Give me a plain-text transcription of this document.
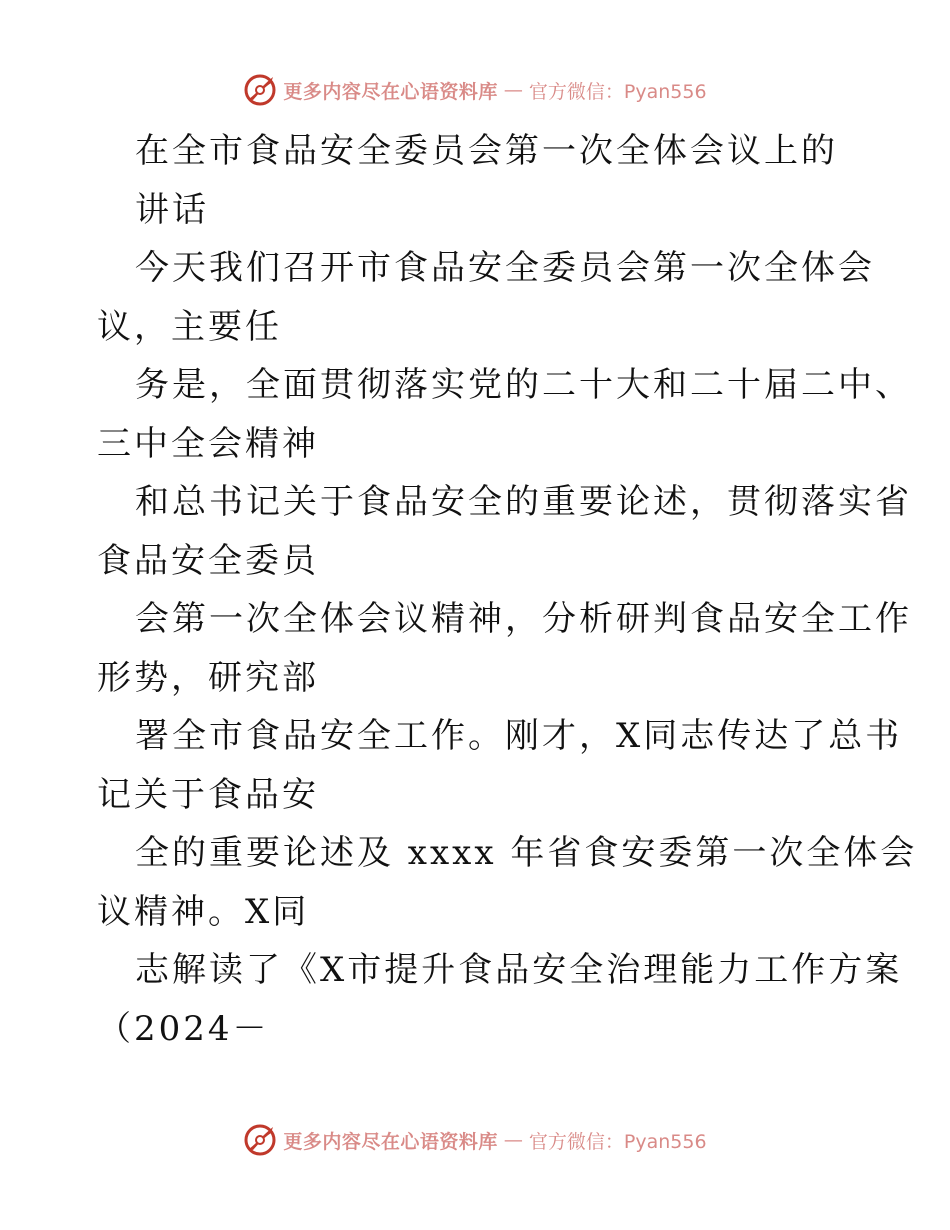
更多内容尽在心语资料库 — 官方微信：Pyan556
在全市食品安全委员会第一次全体会议上的
讲话
今天我们召开市食品安全委员会第一次全体会
议，主要任
务是，全面贯彻落实党的二十大和二十届二中、
三中全会精神
和总书记关于食品安全的重要论述，贯彻落实省
食品安全委员
会第一次全体会议精神，分析研判食品安全工作
形势，研究部
署全市食品安全工作。刚才，X同志传达了总书
记关于食品安
全的重要论述及 xxxx 年省食安委第一次全体会
议精神。X同
志解读了《X市提升食品安全治理能力工作方案
（2024－
更多内容尽在心语资料库 — 官方微信：Pyan556
